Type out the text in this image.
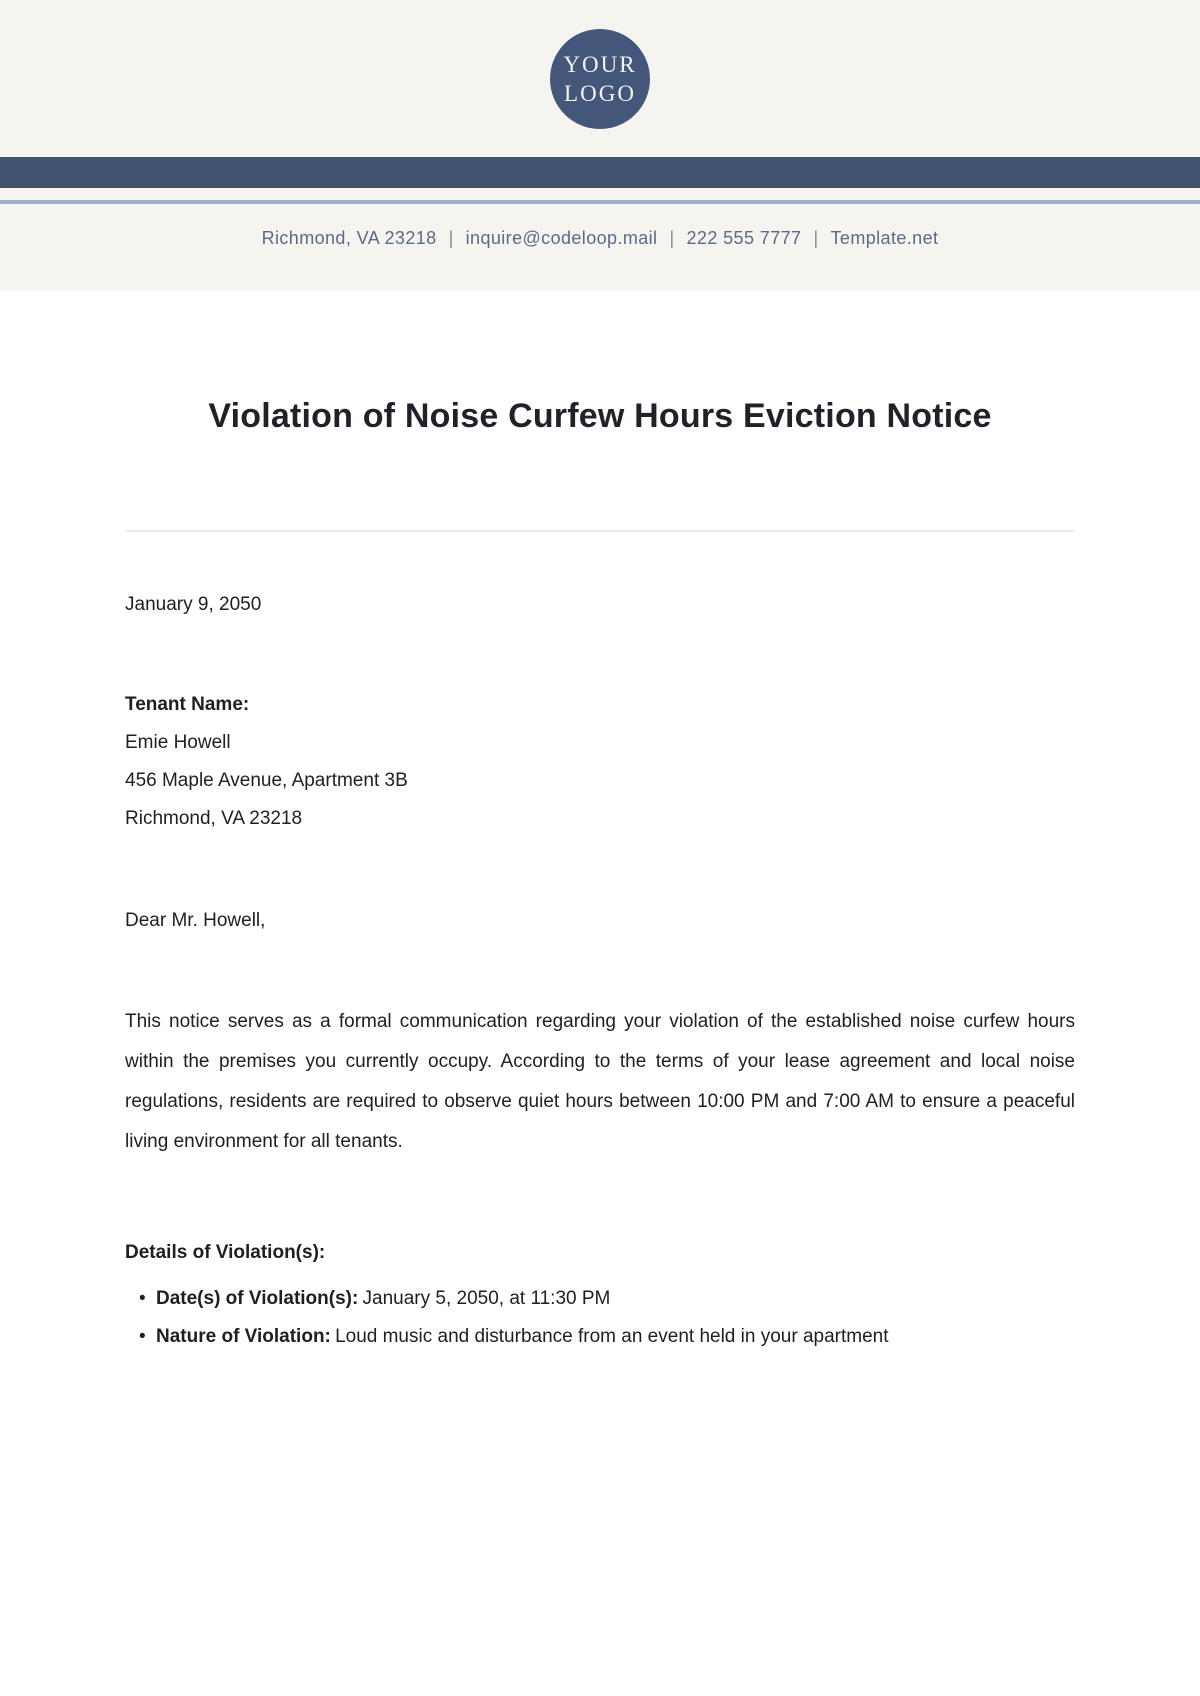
YOUR
LOGO
Richmond, VA 23218 | inquire@codeloop.mail | 222 555 7777 | Template.net
Violation of Noise Curfew Hours Eviction Notice
January 9, 2050
Tenant Name:
Emie Howell
456 Maple Avenue, Apartment 3B
Richmond, VA 23218
Dear Mr. Howell,

This notice serves as a formal communication regarding your violation of the established noise curfew hours within the premises you currently occupy. According to the terms of your lease agreement and local noise regulations, residents are required to observe quiet hours between 10:00 PM and 7:00 AM to ensure a peaceful living environment for all tenants.

Details of Violation(s):
• Date(s) of Violation(s): January 5, 2050, at 11:30 PM
• Nature of Violation: Loud music and disturbance from an event held in your apartment
